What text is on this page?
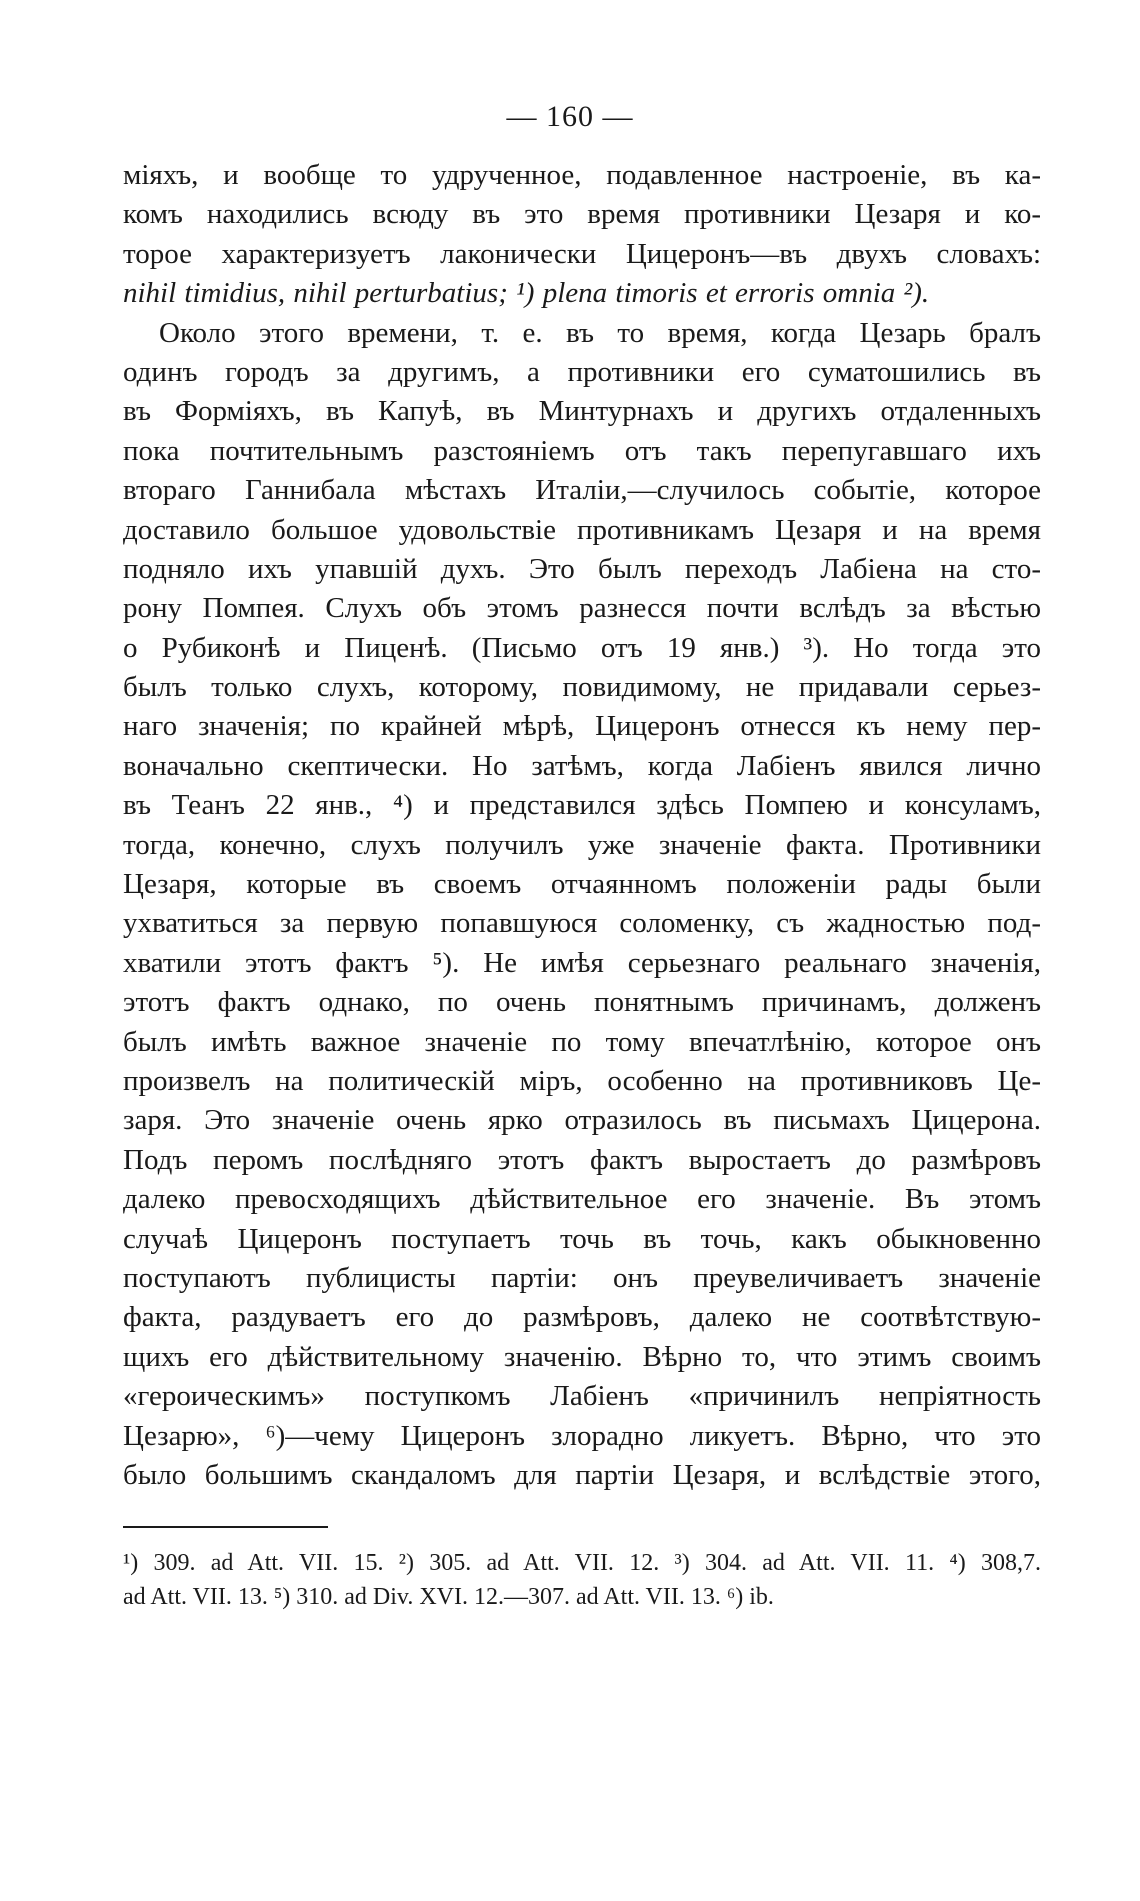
— 160 —
міяхъ, и вообще то удрученное, подавленное настроеніе, въ ка-
комъ находились всюду въ это время противники Цезаря и ко-
торое характеризуетъ лаконически Цицеронъ—въ двухъ словахъ:
nihil timidius, nihil perturbatius; ¹) plena timoris et erroris omnia ²).
Около этого времени, т. е. въ то время, когда Цезарь бралъ
одинъ городъ за другимъ, а противники его суматошились въ
въ Форміяхъ, въ Капуѣ, въ Минтурнахъ и другихъ отдаленныхъ
пока почтительнымъ разстояніемъ отъ такъ перепугавшаго ихъ
втораго Ганнибала мѣстахъ Италіи,—случилось событіе, которое
доставило большое удовольствіе противникамъ Цезаря и на время
подняло ихъ упавшій духъ. Это былъ переходъ Лабіена на сто-
рону Помпея. Слухъ объ этомъ разнесся почти вслѣдъ за вѣстью
о Рубиконѣ и Пиценѣ. (Письмо отъ 19 янв.) ³). Но тогда это
былъ только слухъ, которому, повидимому, не придавали серьез-
наго значенія; по крайней мѣрѣ, Цицеронъ отнесся къ нему пер-
воначально скептически. Но затѣмъ, когда Лабіенъ явился лично
въ Теанъ 22 янв., ⁴) и представился здѣсь Помпею и консуламъ,
тогда, конечно, слухъ получилъ уже значеніе факта. Противники
Цезаря, которые въ своемъ отчаянномъ положеніи рады были
ухватиться за первую попавшуюся соломенку, съ жадностью под-
хватили этотъ фактъ ⁵). Не имѣя серьезнаго реальнаго значенія,
этотъ фактъ однако, по очень понятнымъ причинамъ, долженъ
былъ имѣть важное значеніе по тому впечатлѣнію, которое онъ
произвелъ на политическій міръ, особенно на противниковъ Це-
заря. Это значеніе очень ярко отразилось въ письмахъ Цицерона.
Подъ перомъ послѣдняго этотъ фактъ выростаетъ до размѣровъ
далеко превосходящихъ дѣйствительное его значеніе. Въ этомъ
случаѣ Цицеронъ поступаетъ точь въ точь, какъ обыкновенно
поступаютъ публицисты партіи: онъ преувеличиваетъ значеніе
факта, раздуваетъ его до размѣровъ, далеко не соотвѣтствую-
щихъ его дѣйствительному значенію. Вѣрно то, что этимъ своимъ
«героическимъ» поступкомъ Лабіенъ «причинилъ непріятность
Цезарю», ⁶)—чему Цицеронъ злорадно ликуетъ. Вѣрно, что это
было большимъ скандаломъ для партіи Цезаря, и вслѣдствіе этого,
¹) 309. ad Att. VII. 15. ²) 305. ad Att. VII. 12. ³) 304. ad Att. VII. 11. ⁴) 308,7.
ad Att. VII. 13. ⁵) 310. ad Div. XVI. 12.—307. ad Att. VII. 13. ⁶) ib.
